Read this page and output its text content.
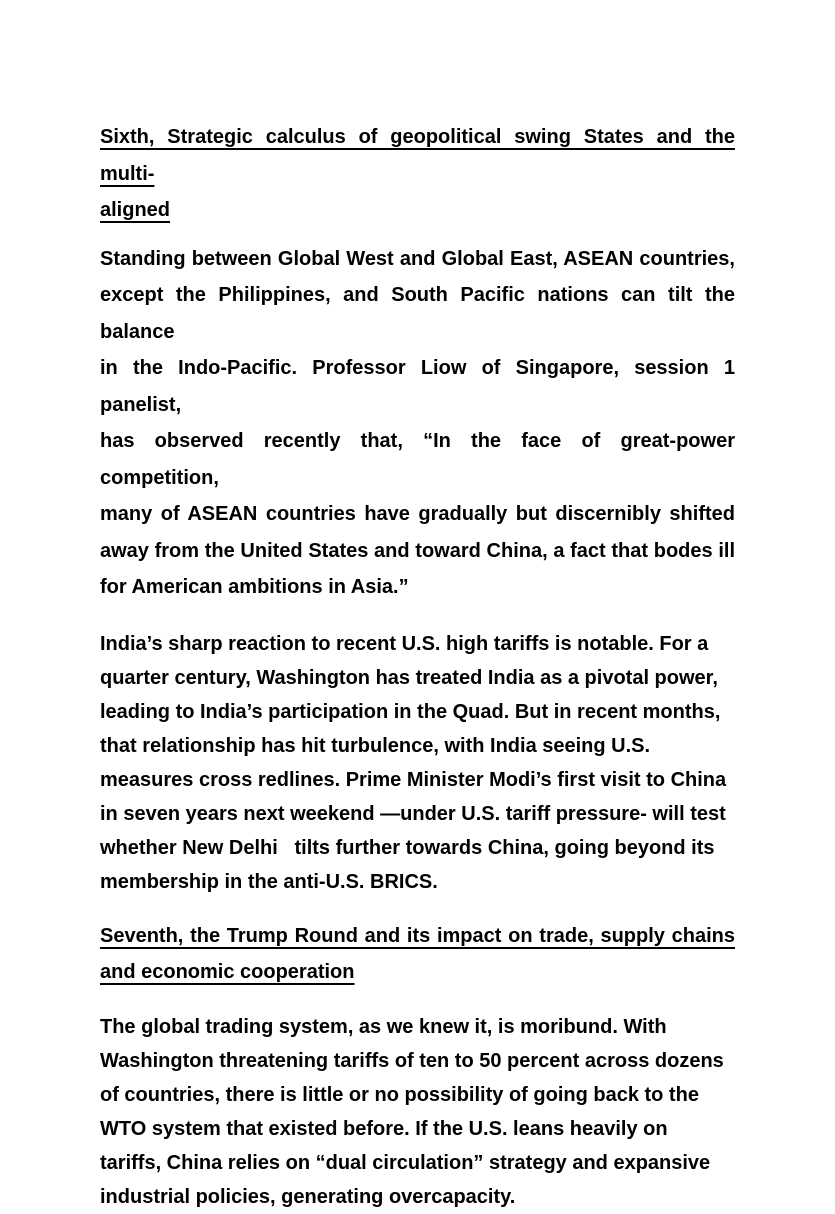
Sixth, Strategic calculus of geopolitical swing States and the multi-
aligned

Standing between Global West and Global East, ASEAN countries,
except the Philippines, and South Pacific nations can tilt the balance
in the Indo-Pacific. Professor Liow of Singapore, session 1 panelist,
has observed recently that, “In the face of great-power competition,
many of ASEAN countries have gradually but discernibly shifted
away from the United States and toward China, a fact that bodes ill
for American ambitions in Asia.”

India’s sharp reaction to recent U.S. high tariffs is notable. For a
quarter century, Washington has treated India as a pivotal power,
leading to India’s participation in the Quad. But in recent months,
that relationship has hit turbulence, with India seeing U.S.
measures cross redlines. Prime Minister Modi’s first visit to China
in seven years next weekend —under U.S. tariff pressure- will test
whether New Delhi   tilts further towards China, going beyond its
membership in the anti-U.S. BRICS.

Seventh, the Trump Round and its impact on trade, supply chains
and economic cooperation

The global trading system, as we knew it, is moribund. With
Washington threatening tariffs of ten to 50 percent across dozens
of countries, there is little or no possibility of going back to the
WTO system that existed before. If the U.S. leans heavily on
tariffs, China relies on “dual circulation” strategy and expansive
industrial policies, generating overcapacity.
